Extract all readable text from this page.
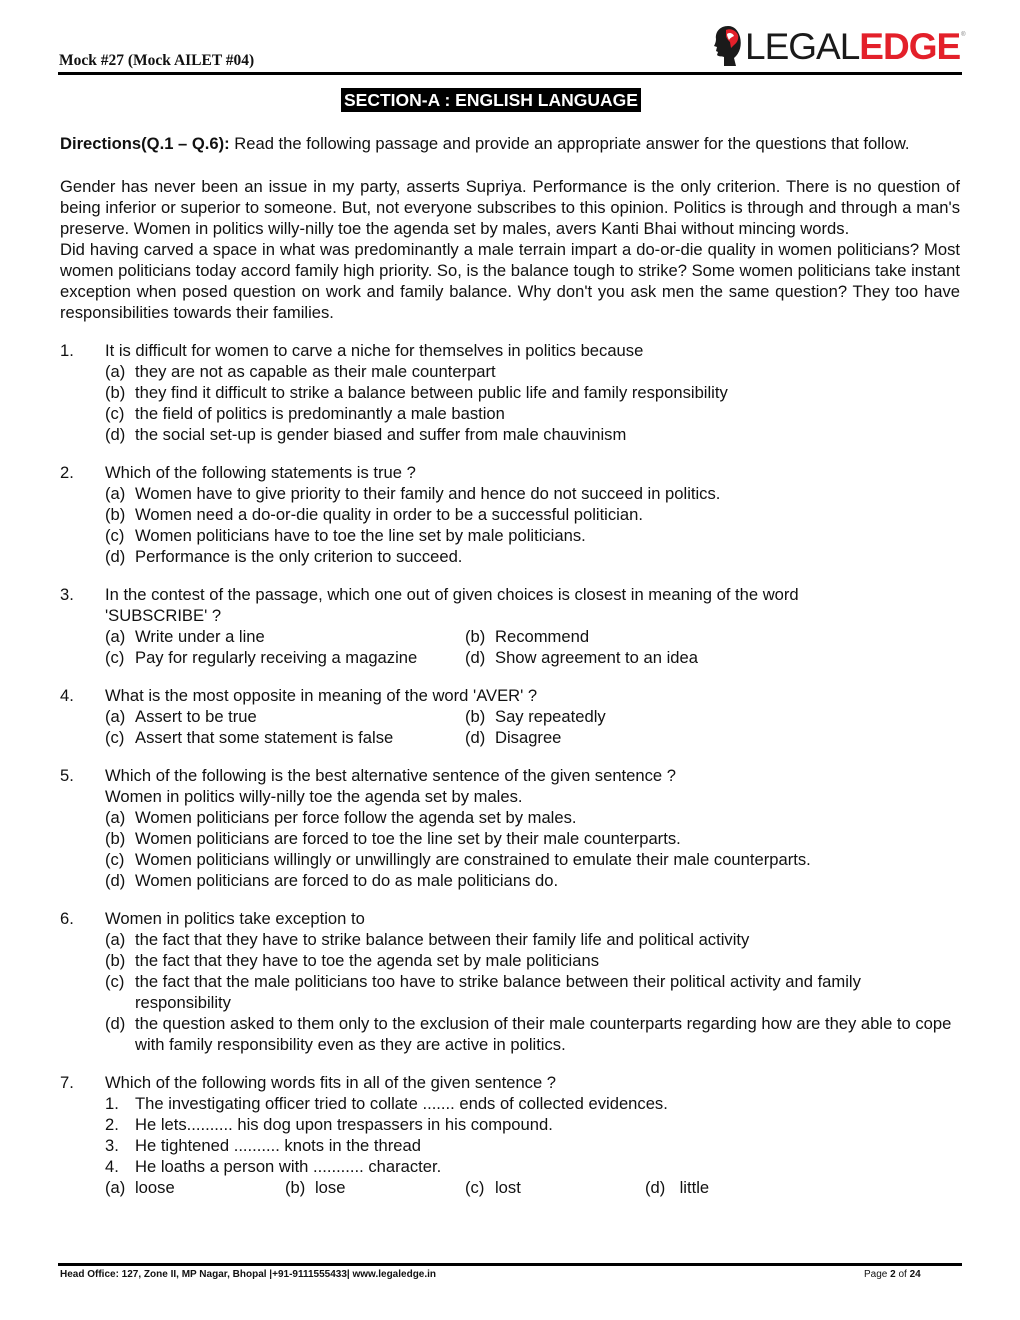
Mock #27 (Mock AILET #04)	LEGAL EDGE ®
SECTION-A : ENGLISH LANGUAGE

Directions(Q.1 – Q.6): Read the following passage and provide an appropriate answer for the questions that follow.

Gender has never been an issue in my party, asserts Supriya. Performance is the only criterion. There is no question of being inferior or superior to someone. But, not everyone subscribes to this opinion. Politics is through and through a man's preserve. Women in politics willy-nilly toe the agenda set by males, avers Kanti Bhai without mincing words.

Did having carved a space in what was predominantly a male terrain impart a do-or-die quality in women politicians? Most women politicians today accord family high priority. So, is the balance tough to strike? Some women politicians take instant exception when posed question on work and family balance. Why don't you ask men the same question? They too have responsibilities towards their families.

1.	It is difficult for women to carve a niche for themselves in politics because
(a) they are not as capable as their male counterpart
(b) they find it difficult to strike a balance between public life and family responsibility
(c) the field of politics is predominantly a male bastion
(d) the social set-up is gender biased and suffer from male chauvinism
2.	Which of the following statements is true ?
(a) Women have to give priority to their family and hence do not succeed in politics.
(b) Women need a do-or-die quality in order to be a successful politician.
(c) Women politicians have to toe the line set by male politicians.
(d) Performance is the only criterion to succeed.
3.	In the contest of the passage, which one out of given choices is closest in meaning of the word 'SUBSCRIBE' ?
(a) Write under a line	(b) Recommend
(c) Pay for regularly receiving a magazine	(d) Show agreement to an idea
4.	What is the most opposite in meaning of the word 'AVER' ?
(a) Assert to be true	(b) Say repeatedly
(c) Assert that some statement is false	(d) Disagree
5.	Which of the following is the best alternative sentence of the given sentence ?
Women in politics willy-nilly toe the agenda set by males.
(a) Women politicians per force follow the agenda set by males.
(b) Women politicians are forced to toe the line set by their male counterparts.
(c) Women politicians willingly or unwillingly are constrained to emulate their male counterparts.
(d) Women politicians are forced to do as male politicians do.
6.	Women in politics take exception to
(a) the fact that they have to strike balance between their family life and political activity
(b) the fact that they have to toe the agenda set by male politicians
(c) the fact that the male politicians too have to strike balance between their political activity and family responsibility
(d) the question asked to them only to the exclusion of their male counterparts regarding how are they able to cope with family responsibility even as they are active in politics.
7.	Which of the following words fits in all of the given sentence ?
1. The investigating officer tried to collate ....... ends of collected evidences.
2. He lets.......... his dog upon trespassers in his compound.
3. He tightened .......... knots in the thread
4. He loaths a person with ........... character.
(a) loose	(b) lose	(c) lost	(d) little
Head Office: 127, Zone II, MP Nagar, Bhopal |+91-9111555433| www.legaledge.in	Page 2 of 24
